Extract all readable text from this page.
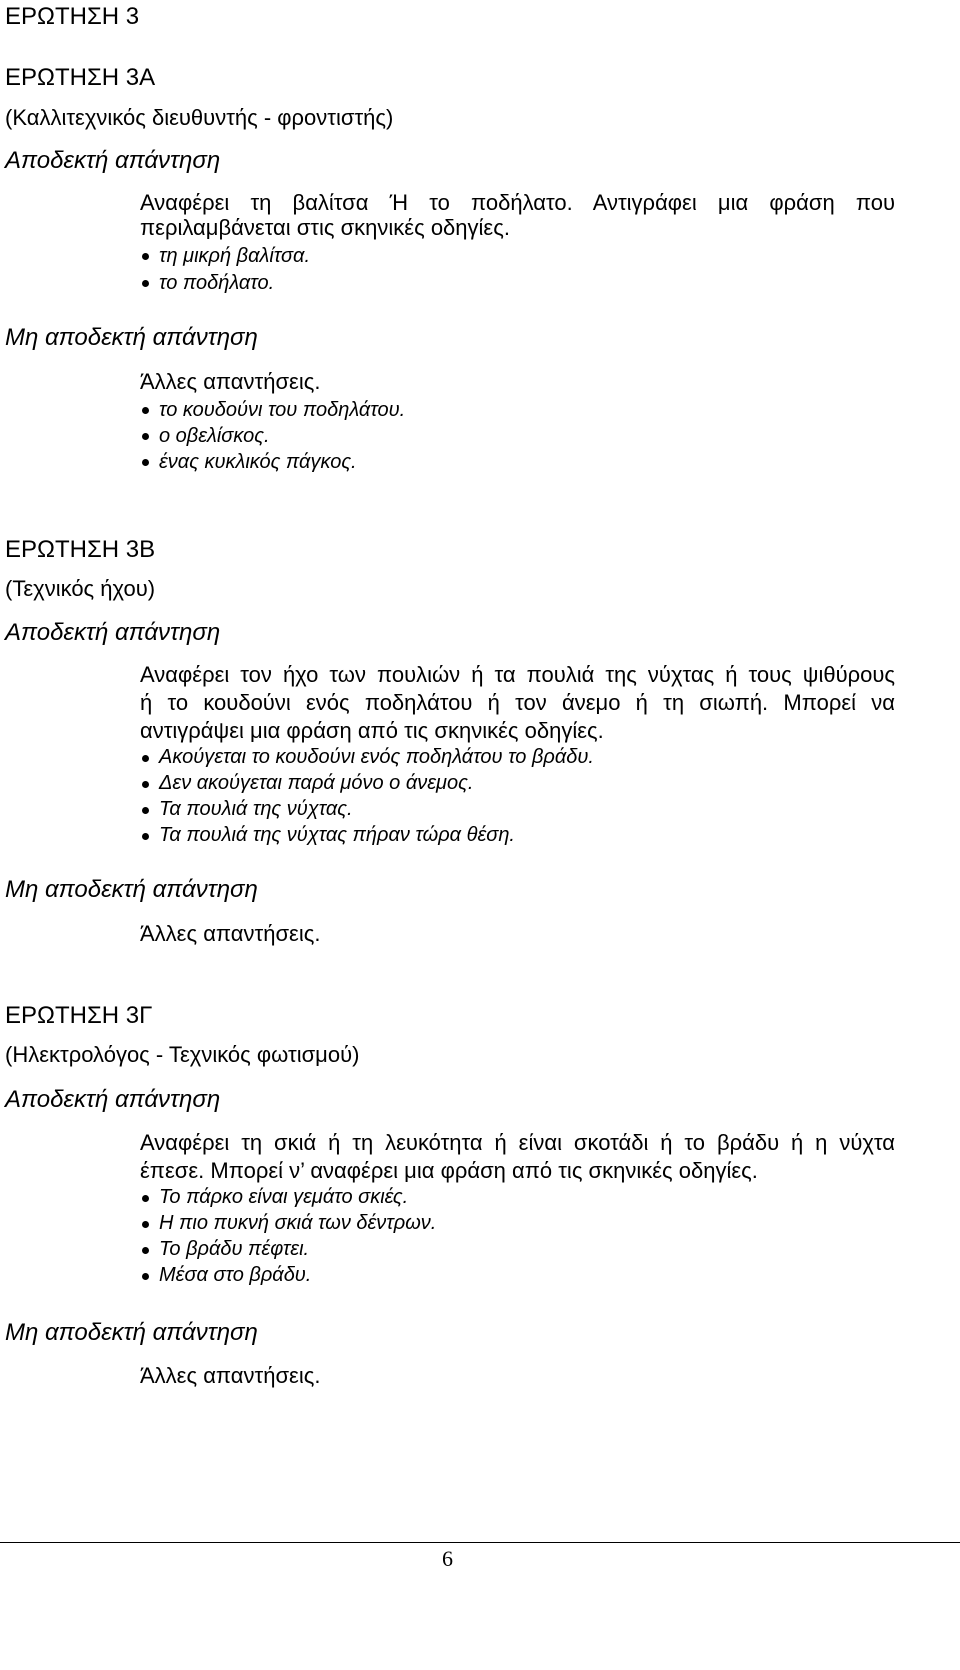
ΕΡΩΤΗΣΗ 3
ΕΡΩΤΗΣΗ 3Α
(Καλλιτεχνικός διευθυντής - φροντιστής)
Αποδεκτή απάντηση
Αναφέρει τη βαλίτσα Ή το ποδήλατο. Αντιγράφει μια φράση που
περιλαμβάνεται στις σκηνικές οδηγίες.
τη μικρή βαλίτσα.
το ποδήλατο.
Μη αποδεκτή απάντηση
Άλλες απαντήσεις.
το κουδούνι του ποδηλάτου.
ο οβελίσκος.
ένας κυκλικός πάγκος.
ΕΡΩΤΗΣΗ 3Β
(Τεχνικός ήχου)
Αποδεκτή απάντηση
Αναφέρει τον ήχο των πουλιών ή τα πουλιά της νύχτας ή τους ψιθύρους
ή το κουδούνι ενός ποδηλάτου ή τον άνεμο ή τη σιωπή. Μπορεί να
αντιγράψει μια φράση από τις σκηνικές οδηγίες.
Ακούγεται το κουδούνι ενός ποδηλάτου το βράδυ.
Δεν ακούγεται παρά μόνο ο άνεμος.
Τα πουλιά της νύχτας.
Τα πουλιά της νύχτας πήραν τώρα θέση.
Μη αποδεκτή απάντηση
Άλλες απαντήσεις.
ΕΡΩΤΗΣΗ 3Γ
(Ηλεκτρολόγος - Τεχνικός φωτισμού)
Αποδεκτή απάντηση
Αναφέρει τη σκιά ή τη λευκότητα ή είναι σκοτάδι ή το βράδυ ή η νύχτα
έπεσε. Μπορεί ν’ αναφέρει μια φράση από τις σκηνικές οδηγίες.
Το πάρκο είναι γεμάτο σκιές.
Η πιο πυκνή σκιά των δέντρων.
Το βράδυ πέφτει.
Μέσα στο βράδυ.
Μη αποδεκτή απάντηση
Άλλες απαντήσεις.
6
